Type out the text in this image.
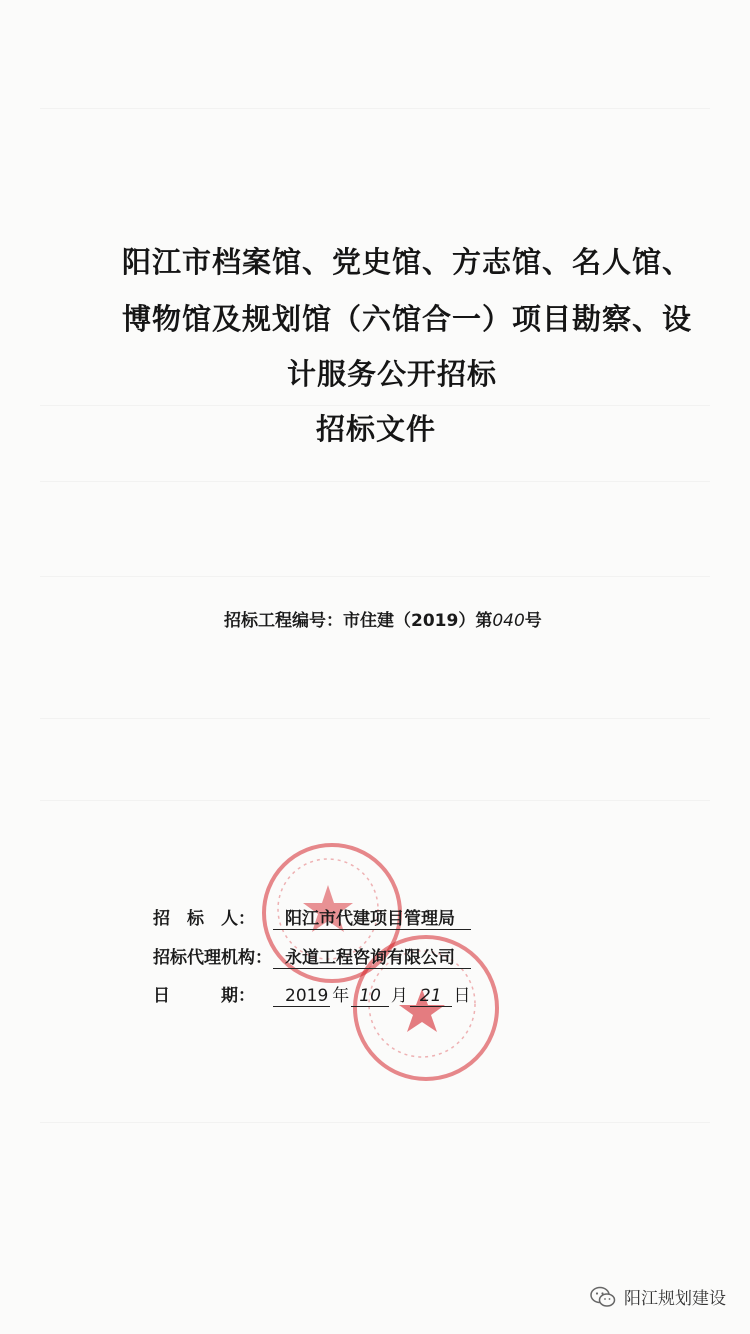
阳江市档案馆、党史馆、方志馆、名人馆、
博物馆及规划馆（六馆合一）项目勘察、设
计服务公开招标
招标文件
招标工程编号：市住建（2019）第040号
招　标　人：	阳江市代建项目管理局
招标代理机构： 永道工程咨询有限公司
日　　　期：	2019 年 10 月 21 日
阳江规划建设
